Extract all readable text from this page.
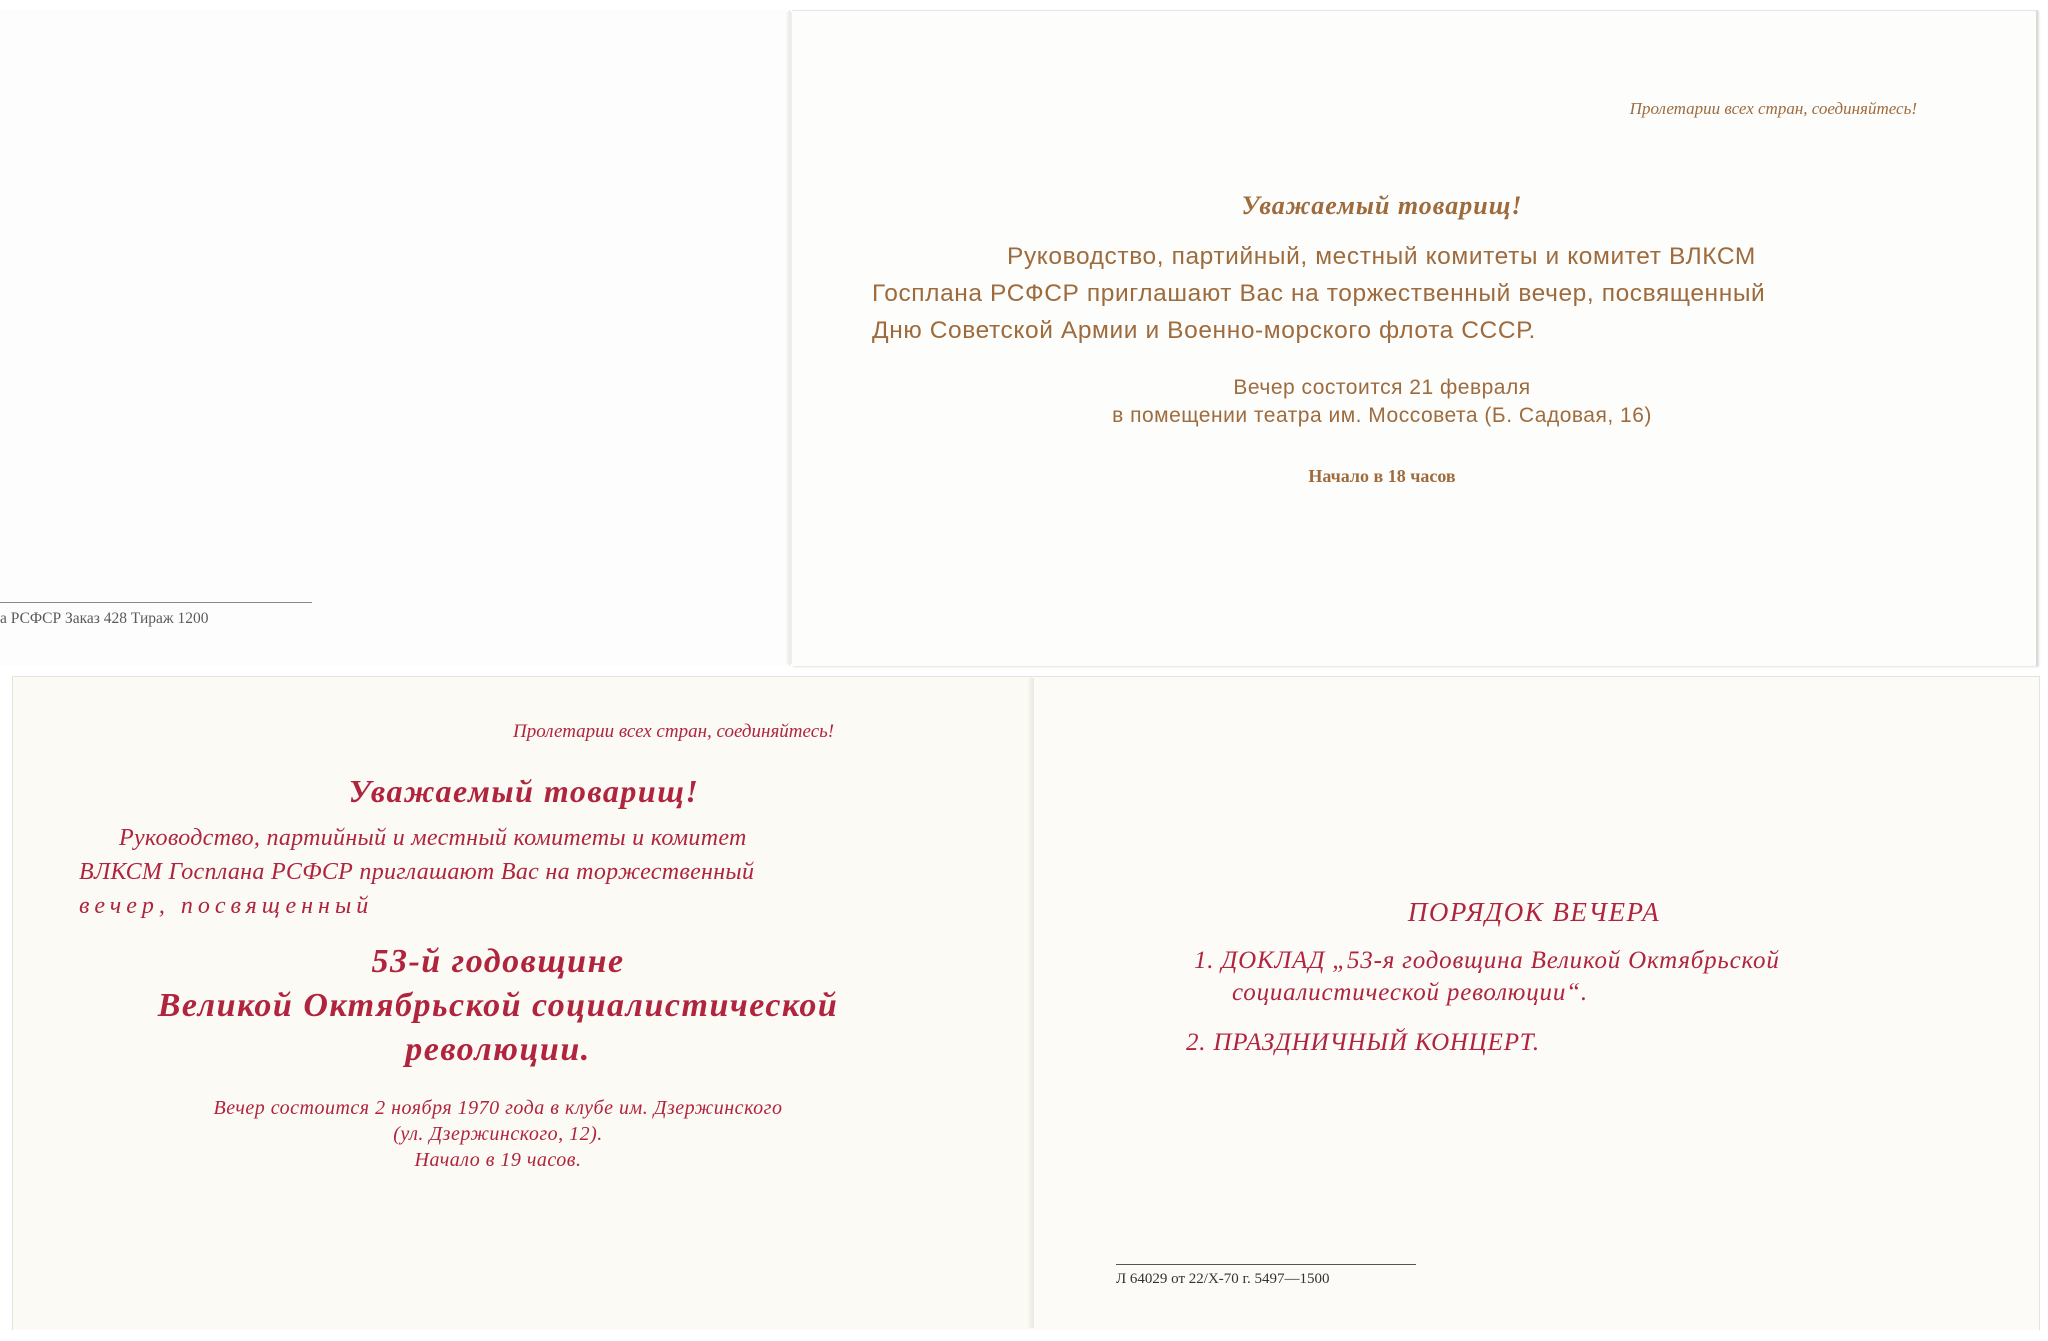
а РСФСР Заказ 428 Тираж 1200

Пролетарии всех стран, соединяйтесь!

Уважаемый товарищ!

Руководство, партийный, местный комитеты и комитет ВЛКСМ

Госплана РСФСР приглашают Вас на торжественный вечер, посвященный

Дню Советской Армии и Военно-морского флота СССР.

Вечер состоится 21 февраля

в помещении театра им. Моссовета (Б. Садовая, 16)

Начало в 18 часов

Пролетарии всех стран, соединяйтесь!

Уважаемый товарищ!

Руководство, партийный и местный комитеты и комитет

ВЛКСМ Госплана РСФСР приглашают Вас на торжественный

вечер, посвященный

53-й годовщине

Великой Октябрьской социалистической

революции.

Вечер состоится 2 ноября 1970 года в клубе им. Дзержинского

(ул. Дзержинского, 12).

Начало в 19 часов.

ПОРЯДОК ВЕЧЕРА

1. ДОКЛАД „53-я годовщина Великой Октябрьской

социалистической революции“.

2. ПРАЗДНИЧНЫЙ КОНЦЕРТ.

Л 64029 от 22/X-70 г. 5497—1500
